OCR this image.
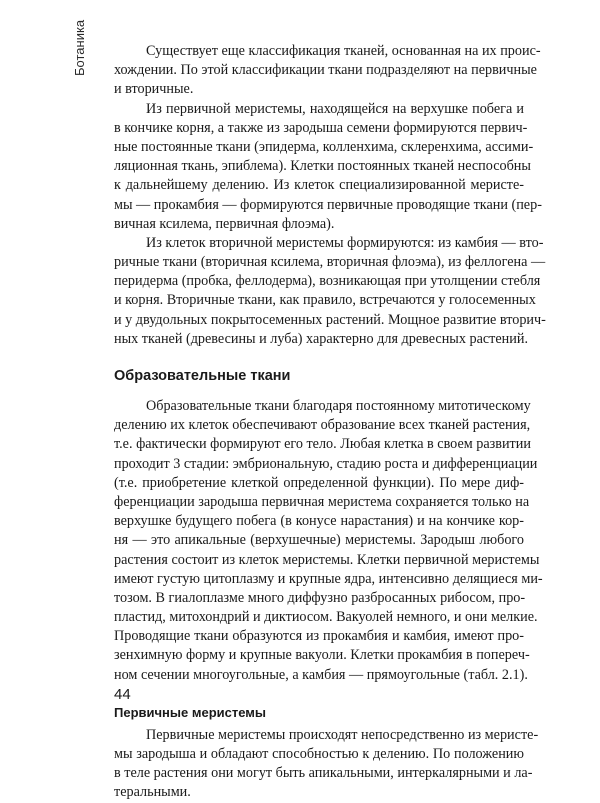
Ботаника	Существует еще классификация тканей, основанная на их проис-
хождении. По этой классификации ткани подразделяют на первичные
и вторичные.
Из первичной меристемы, находящейся на верхушке побега и
в кончике корня, а также из зародыша семени формируются первич-
ные постоянные ткани (эпидерма, колленхима, склеренхима, ассими-
ляционная ткань, эпиблема). Клетки постоянных тканей неспособны
к дальнейшему делению. Из клеток специализированной меристе-
мы — прокамбия — формируются первичные проводящие ткани (пер-
вичная ксилема, первичная флоэма).
Из клеток вторичной меристемы формируются: из камбия — вто-
ричные ткани (вторичная ксилема, вторичная флоэма), из феллогена —
перидерма (пробка, феллодерма), возникающая при утолщении стебля
и корня. Вторичные ткани, как правило, встречаются у голосеменных
и у двудольных покрытосеменных растений. Мощное развитие вторич-
ных тканей (древесины и луба) характерно для древесных растений.
Образовательные ткани
Образовательные ткани благодаря постоянному митотическому
делению их клеток обеспечивают образование всех тканей растения,
т.е. фактически формируют его тело. Любая клетка в своем развитии
проходит 3 стадии: эмбриональную, стадию роста и дифференциации
(т.е. приобретение клеткой определенной функции). По мере диф-
ференциации зародыша первичная меристема сохраняется только на
верхушке будущего побега (в конусе нарастания) и на кончике кор-
ня — это апикальные (верхушечные) меристемы. Зародыш любого
растения состоит из клеток меристемы. Клетки первичной меристемы
имеют густую цитоплазму и крупные ядра, интенсивно делящиеся ми-
тозом. В гиалоплазме много диффузно разбросанных рибосом, про-
пластид, митохондрий и диктиосом. Вакуолей немного, и они мелкие.
Проводящие ткани образуются из прокамбия и камбия, имеют про-
зенхимную форму и крупные вакуоли. Клетки прокамбия в попереч-
ном сечении многоугольные, а камбия — прямоугольные (табл. 2.1).
Первичные меристемы
Первичные меристемы происходят непосредственно из меристе-
мы зародыша и обладают способностью к делению. По положению
в теле растения они могут быть апикальными, интеркалярными и ла-
теральными.
44
